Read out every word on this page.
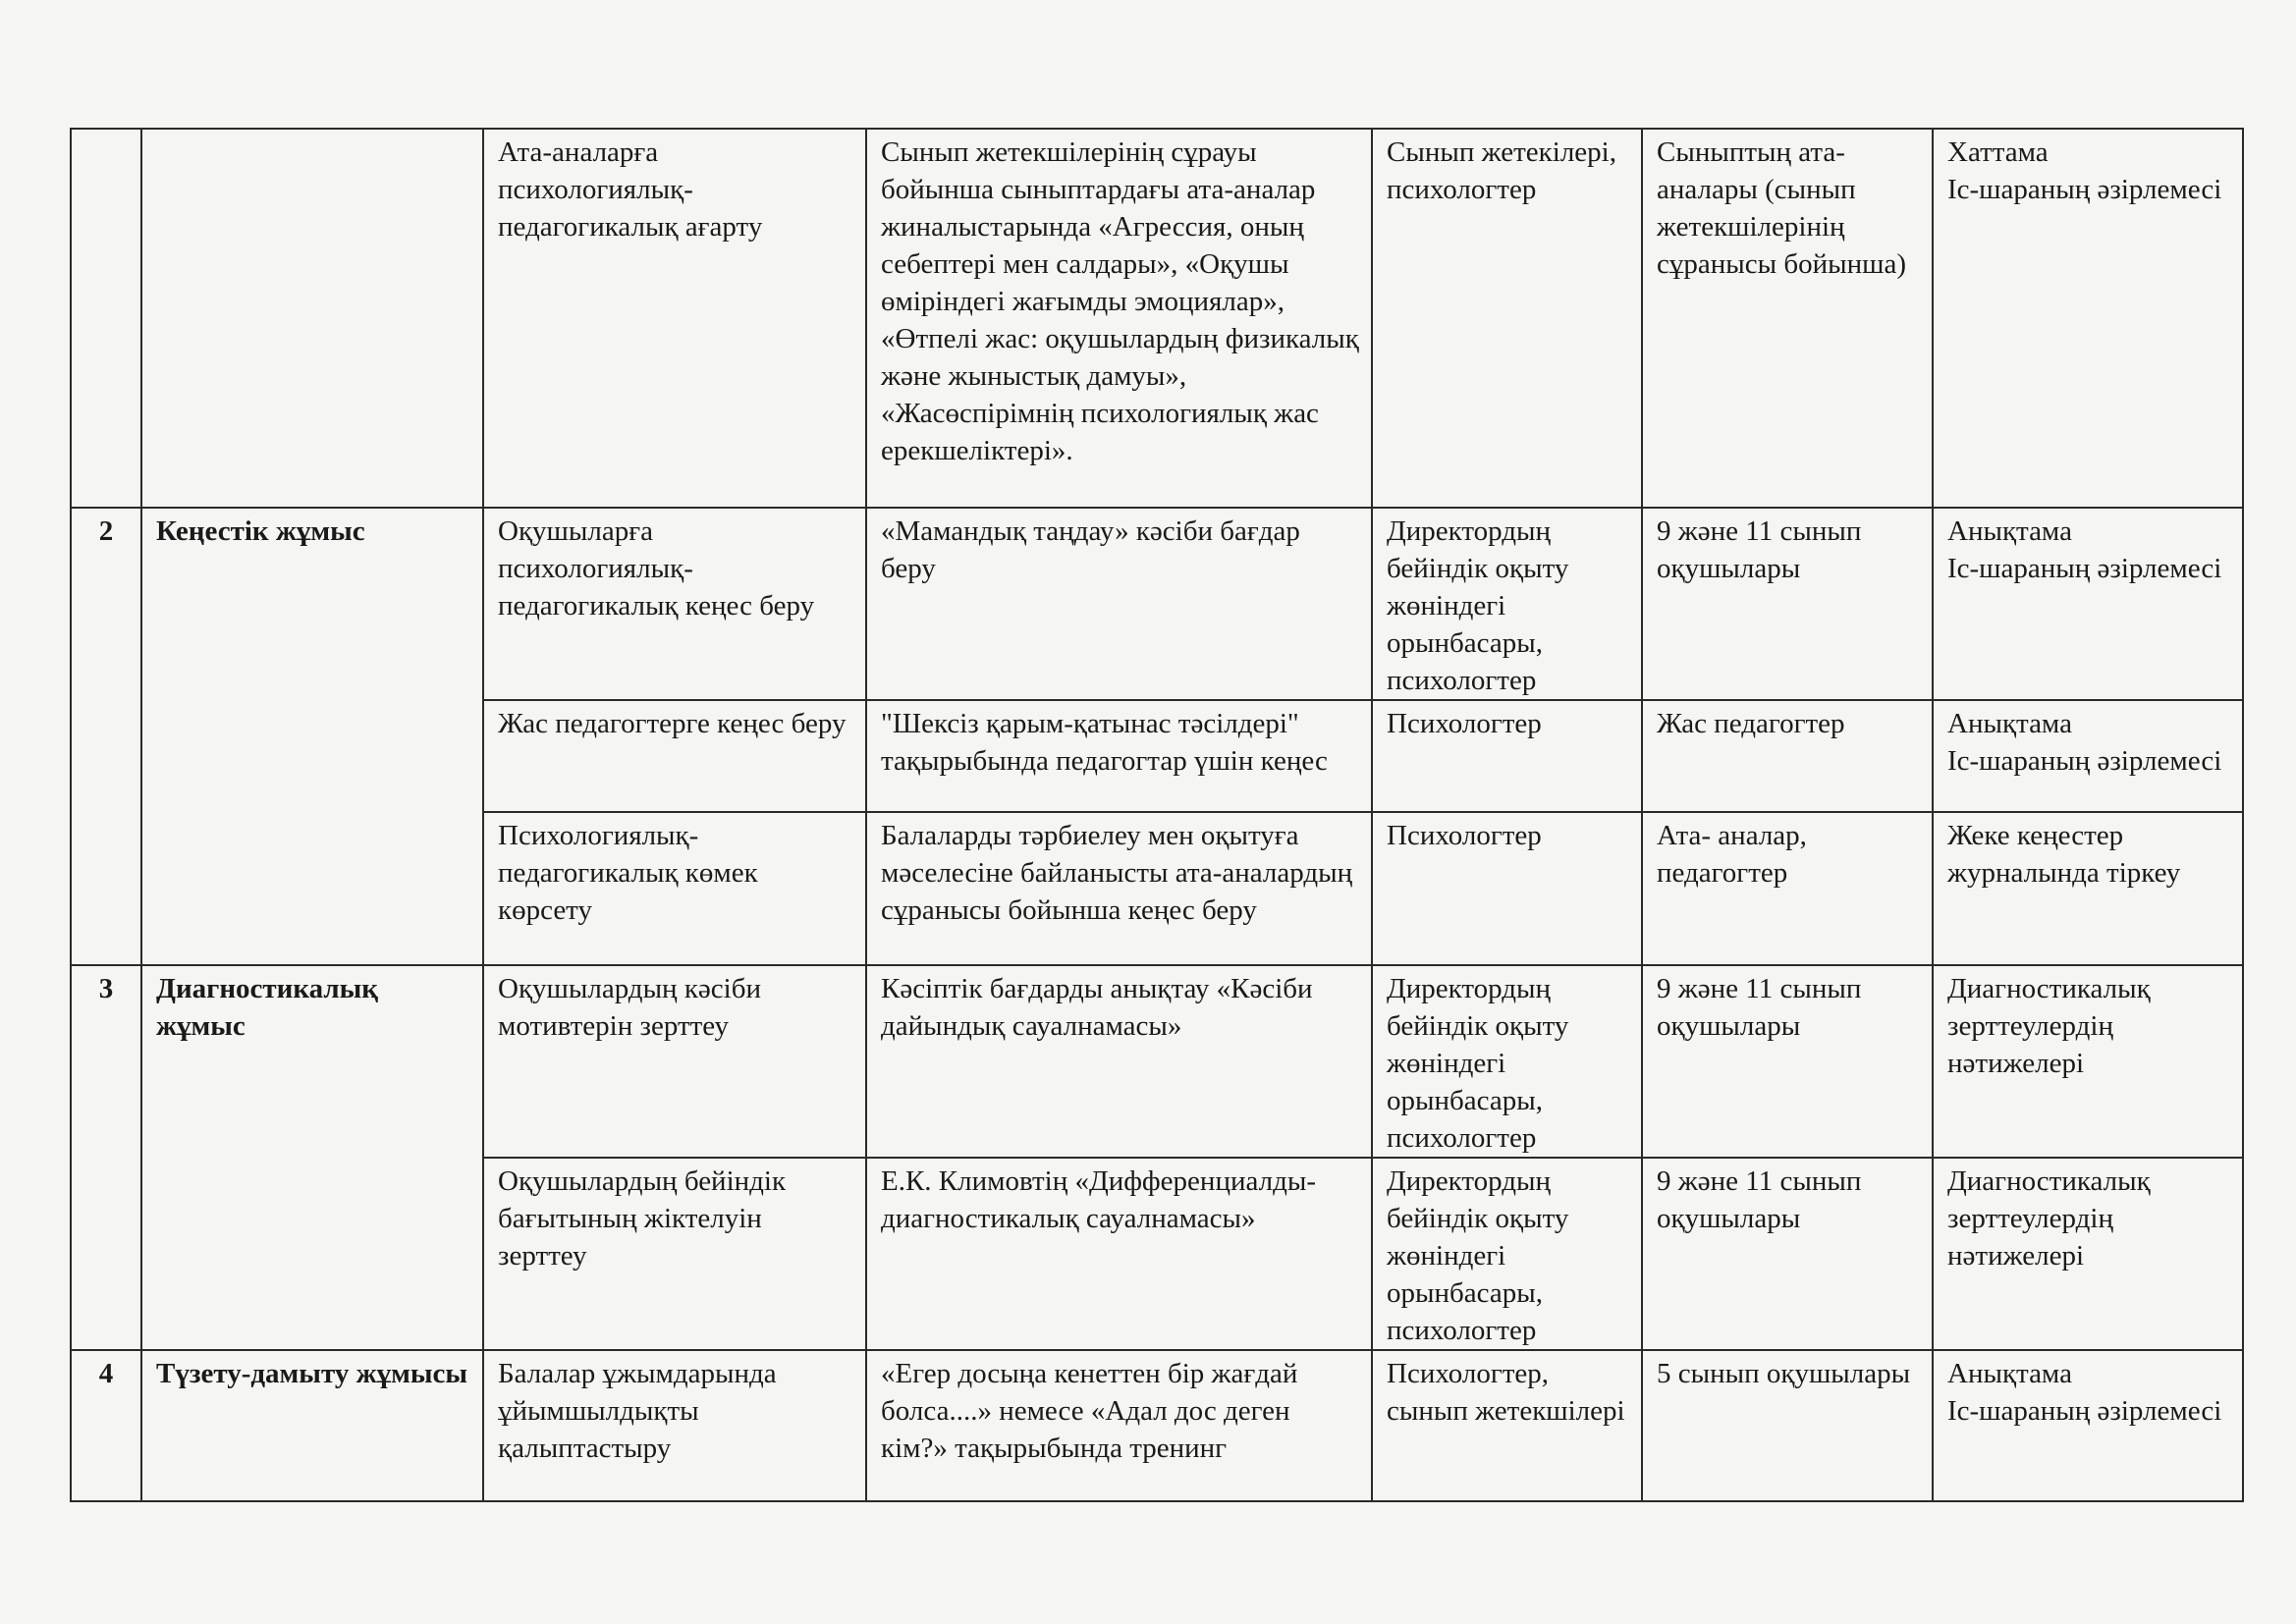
		Ата-аналарға психологиялық-педагогикалық ағарту	Сынып жетекшілерінің сұрауы бойынша сыныптардағы ата-аналар жиналыстарында «Агрессия, оның себептері мен салдары», «Оқушы өміріндегі жағымды эмоциялар», «Өтпелі жас: оқушылардың физикалық және жыныстық дамуы», «Жасөспірімнің психологиялық жас ерекшеліктері».	Сынып жетекілері, психологтер	Сыныптың ата-аналары (сынып жетекшілерінің сұранысы бойынша)	Хаттама
Іс-шараның әзірлемесі
2	Кеңестік жұмыс	Оқушыларға психологиялық-педагогикалық кеңес беру	«Мамандық таңдау» кәсіби бағдар беру	Директордың бейіндік оқыту жөніндегі орынбасары, психологтер	9 және 11 сынып оқушылары	Анықтама
Іс-шараның әзірлемесі
		Жас педагогтерге кеңес беру	"Шексіз қарым-қатынас тәсілдері" тақырыбында педагогтар үшін кеңес	Психологтер	Жас педагогтер	Анықтама
Іс-шараның әзірлемесі
		Психологиялық-педагогикалық көмек көрсету	Балаларды тәрбиелеу мен оқытуға мәселесіне байланысты ата-аналардың сұранысы бойынша кеңес беру	Психологтер	Ата- аналар, педагогтер	Жеке кеңестер журналында тіркеу
3	Диагностикалық жұмыс	Оқушылардың кәсіби мотивтерін зерттеу	Кәсіптік бағдарды анықтау «Кәсіби дайындық сауалнамасы»	Директордың бейіндік оқыту жөніндегі орынбасары, психологтер	9 және 11 сынып оқушылары	Диагностикалық зерттеулердің нәтижелері
		Оқушылардың бейіндік бағытының жіктелуін зерттеу	Е.К. Климовтің «Дифференциалды-диагностикалық сауалнамасы»	Директордың бейіндік оқыту жөніндегі орынбасары, психологтер	9 және 11 сынып оқушылары	Диагностикалық зерттеулердің нәтижелері
4	Түзету-дамыту жұмысы	Балалар ұжымдарында ұйымшылдықты қалыптастыру	«Егер досыңа кенеттен бір жағдай болса....» немесе «Адал дос деген кім?» тақырыбында тренинг	Психологтер, сынып жетекшілері	5 сынып оқушылары	Анықтама
Іс-шараның әзірлемесі
